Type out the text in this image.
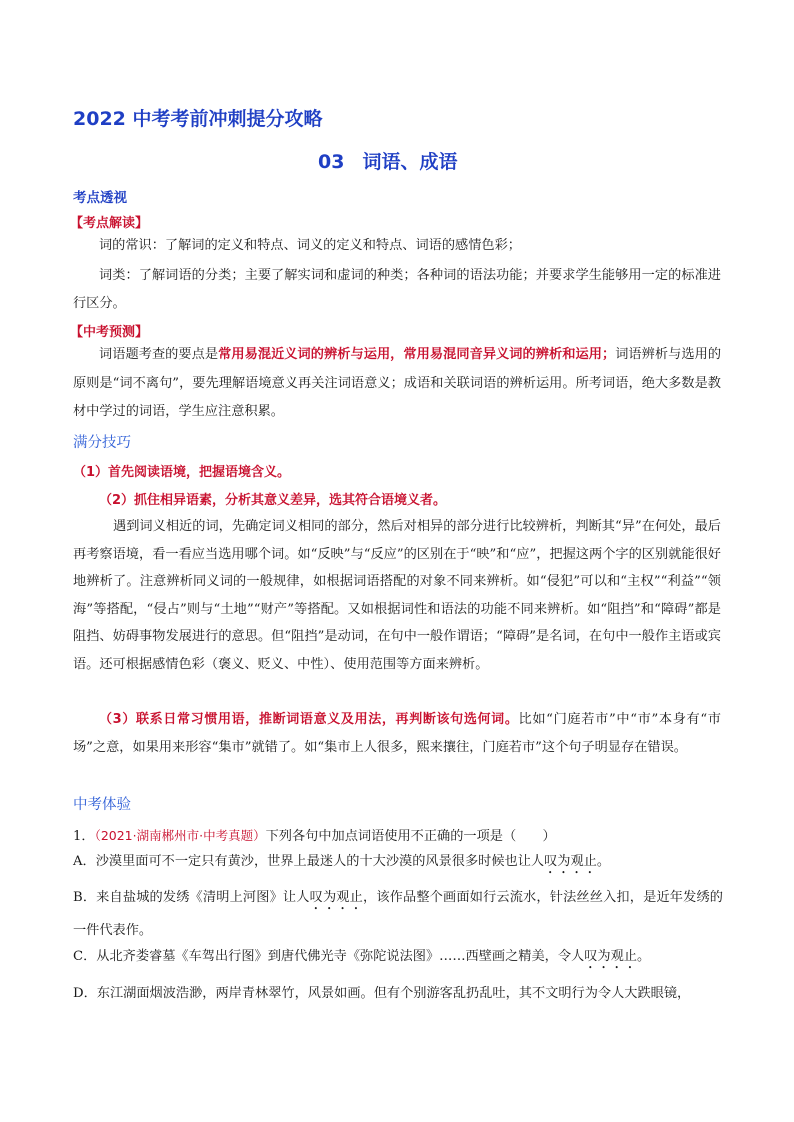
2022 中考考前冲刺提分攻略
03 词语、成语
考点透视
【考点解读】
词的常识：了解词的定义和特点、词义的定义和特点、词语的感情色彩；
词类：了解词语的分类；主要了解实词和虚词的种类；各种词的语法功能；并要求学生能够用一定的标准进行区分。
【中考预测】
词语题考查的要点是常用易混近义词的辨析与运用，常用易混同音异义词的辨析和运用；词语辨析与选用的原则是“词不离句”，要先理解语境意义再关注词语意义；成语和关联词语的辨析运用。所考词语，绝大多数是教材中学过的词语，学生应注意积累。
满分技巧
（1）首先阅读语境，把握语境含义。
（2）抓住相异语素，分析其意义差异，选其符合语境义者。
遇到词义相近的词，先确定词义相同的部分，然后对相异的部分进行比较辨析，判断其“异”在何处，最后再考察语境，看一看应当选用哪个词。如“反映”与“反应”的区别在于“映”和“应”，把握这两个字的区别就能很好地辨析了。注意辨析同义词的一般规律，如根据词语搭配的对象不同来辨析。如“侵犯”可以和“主权”“利益”“领海”等搭配，“侵占”则与“土地”“财产”等搭配。又如根据词性和语法的功能不同来辨析。如“阻挡”和“障碍”都是阻挡、妨碍事物发展进行的意思。但“阻挡”是动词，在句中一般作谓语；“障碍”是名词，在句中一般作主语或宾语。还可根据感情色彩（褒义、贬义、中性）、使用范围等方面来辨析。
（3）联系日常习惯用语，推断词语意义及用法，再判断该句选何词。比如“门庭若市”中“市”本身有“市场”之意，如果用来形容“集市”就错了。如“集市上人很多，熙来攘往，门庭若市”这个句子明显存在错误。
中考体验
1．（2021·湖南郴州市·中考真题）下列各句中加点词语使用不正确的一项是（　　）
A．沙漠里面可不一定只有黄沙，世界上最迷人的十大沙漠的风景很多时候也让人叹为观止。
B．来自盐城的发绣《清明上河图》让人叹为观止，该作品整个画面如行云流水，针法丝丝入扣，是近年发绣的一件代表作。
C．从北齐娄睿墓《车驾出行图》到唐代佛光寺《弥陀说法图》……西壁画之精美，令人叹为观止。
D．东江湖面烟波浩渺，两岸青林翠竹，风景如画。但有个别游客乱扔乱吐，其不文明行为令人大跌眼镜，
